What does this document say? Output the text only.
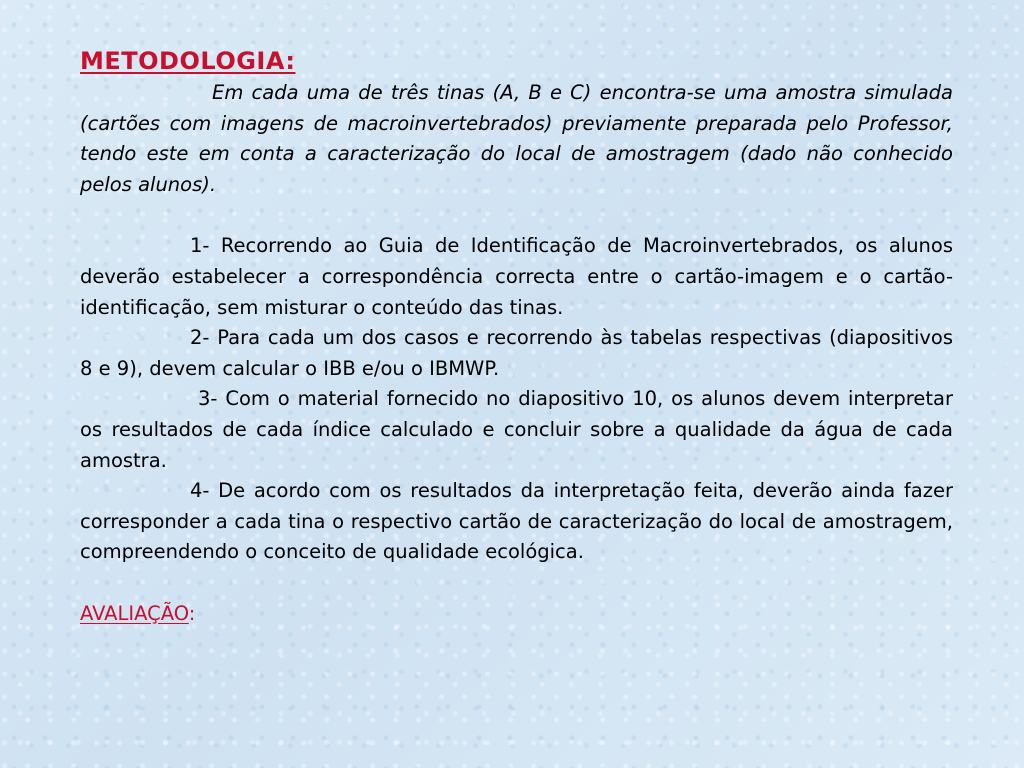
METODOLOGIA:

Em cada uma de três tinas (A, B e C) encontra-se uma amostra simulada (cartões com imagens de macroinvertebrados) previamente preparada pelo Professor, tendo este em conta a caracterização do local de amostragem (dado não conhecido pelos alunos).

1- Recorrendo ao Guia de Identificação de Macroinvertebrados, os alunos deverão estabelecer a correspondência correcta entre o cartão-imagem e o cartão-identificação, sem misturar o conteúdo das tinas.

2- Para cada um dos casos e recorrendo às tabelas respectivas (diapositivos 8 e 9), devem calcular o IBB e/ou o IBMWP.

3- Com o material fornecido no diapositivo 10, os alunos devem interpretar os resultados de cada índice calculado e concluir sobre a qualidade da água de cada amostra.

4- De acordo com os resultados da interpretação feita, deverão ainda fazer corresponder a cada tina o respectivo cartão de caracterização do local de amostragem, compreendendo o conceito de qualidade ecológica.

AVALIAÇÃO:
